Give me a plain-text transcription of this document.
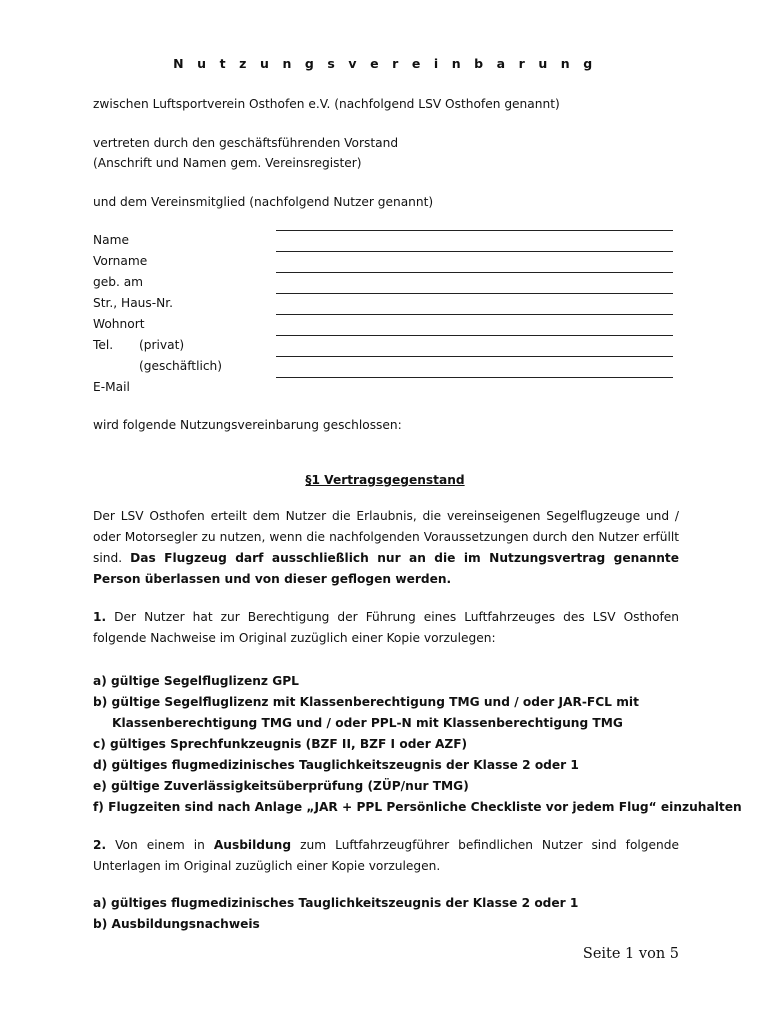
N u t z u n g s v e r e i n b a r u n g
zwischen Luftsportverein Osthofen e.V. (nachfolgend LSV Osthofen genannt)
vertreten durch den geschäftsführenden Vorstand
(Anschrift und Namen gem. Vereinsregister)
und dem Vereinsmitglied (nachfolgend Nutzer genannt)
Name
Vorname
geb. am
Str., Haus-Nr.
Wohnort
Tel. (privat)
(geschäftlich)
E-Mail
wird folgende Nutzungsvereinbarung geschlossen:
§1 Vertragsgegenstand
Der LSV Osthofen erteilt dem Nutzer die Erlaubnis, die vereinseigenen Segelflugzeuge und / oder Motorsegler zu nutzen, wenn die nachfolgenden Voraussetzungen durch den Nutzer erfüllt sind. Das Flugzeug darf ausschließlich nur an die im Nutzungsvertrag genannte Person überlassen und von dieser geflogen werden.
1. Der Nutzer hat zur Berechtigung der Führung eines Luftfahrzeuges des LSV Osthofen folgende Nachweise im Original zuzüglich einer Kopie vorzulegen:
a) gültige Segelfluglizenz GPL
b) gültige Segelfluglizenz mit Klassenberechtigung TMG und / oder JAR-FCL mit
Klassenberechtigung TMG und / oder PPL-N mit Klassenberechtigung TMG
c) gültiges Sprechfunkzeugnis (BZF II, BZF I oder AZF)
d) gültiges flugmedizinisches Tauglichkeitszeugnis der Klasse 2 oder 1
e) gültige Zuverlässigkeitsüberprüfung (ZÜP/nur TMG)
f) Flugzeiten sind nach Anlage „JAR + PPL Persönliche Checkliste vor jedem Flug“ einzuhalten
2. Von einem in Ausbildung zum Luftfahrzeugführer befindlichen Nutzer sind folgende Unterlagen im Original zuzüglich einer Kopie vorzulegen.
a) gültiges flugmedizinisches Tauglichkeitszeugnis der Klasse 2 oder 1
b) Ausbildungsnachweis
Seite 1 von 5
